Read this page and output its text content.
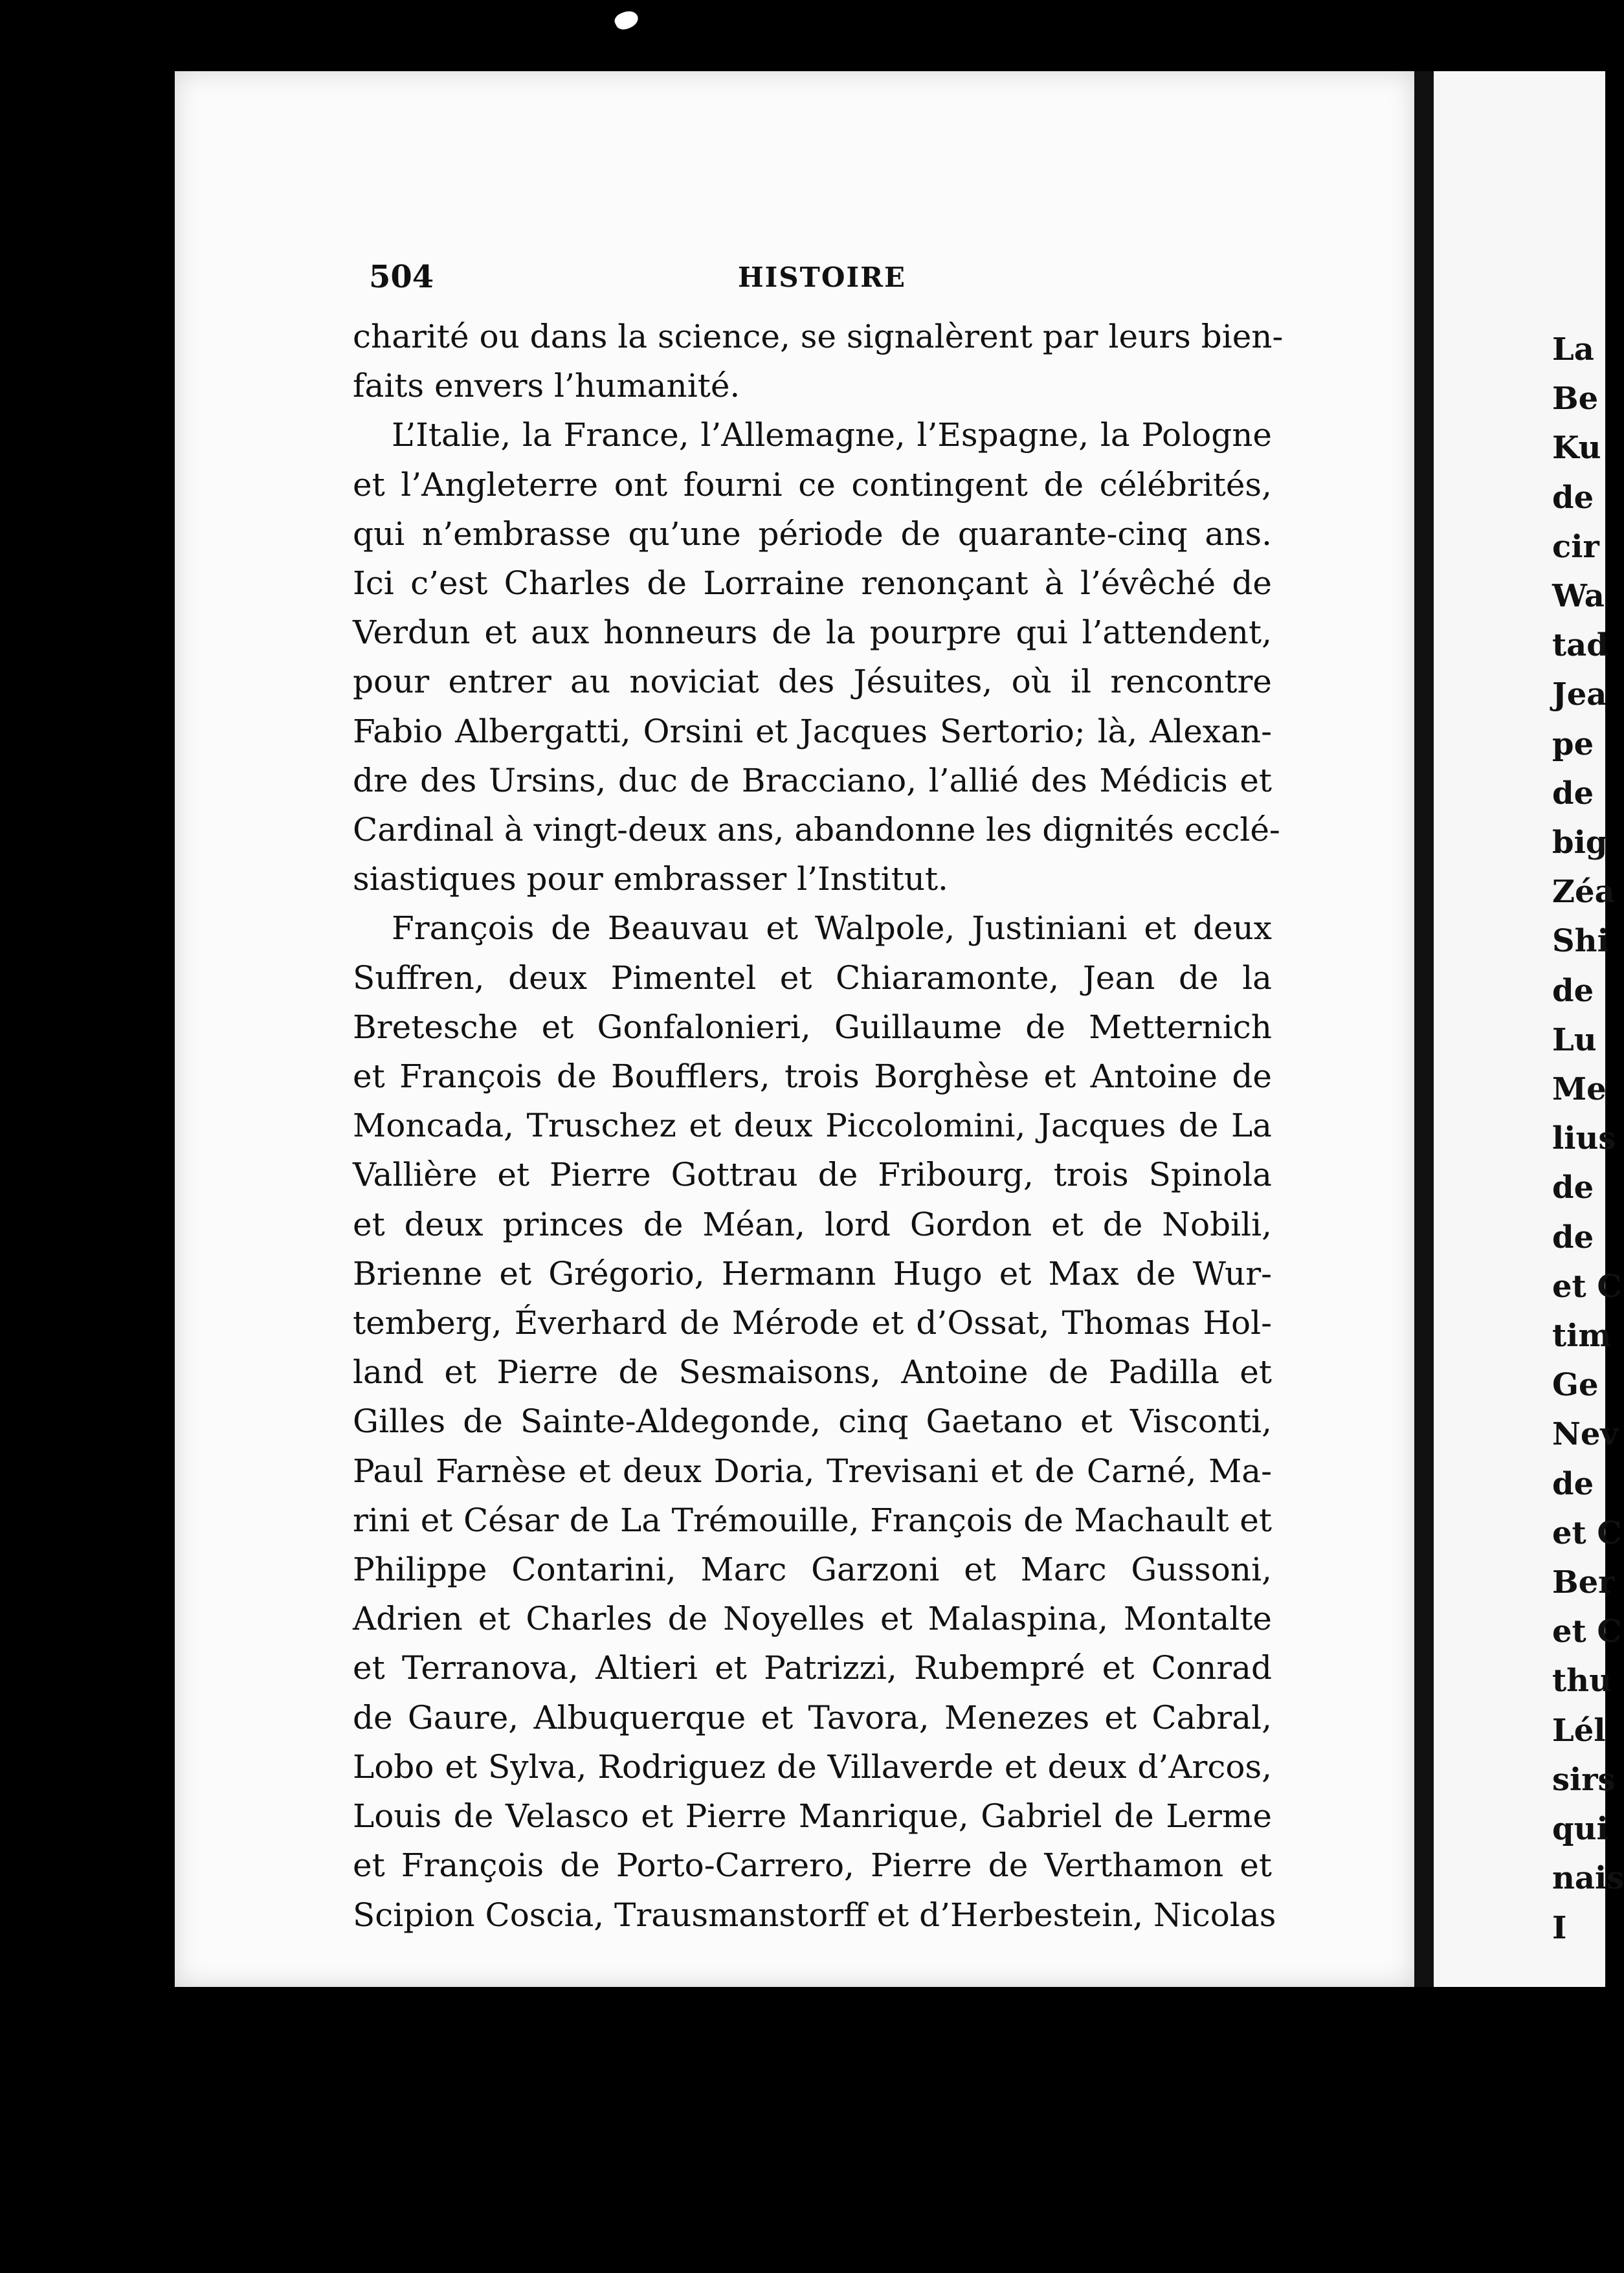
504	HISTOIRE
charité ou dans la science, se signalèrent par leurs bien-
faits envers l’humanité.
L’Italie, la France, l’Allemagne, l’Espagne, la Pologne
et l’Angleterre ont fourni ce contingent de célébrités,
qui n’embrasse qu’une période de quarante-cinq ans.
Ici c’est Charles de Lorraine renonçant à l’évêché de
Verdun et aux honneurs de la pourpre qui l’attendent,
pour entrer au noviciat des Jésuites, où il rencontre
Fabio Albergatti, Orsini et Jacques Sertorio; là, Alexan-
dre des Ursins, duc de Bracciano, l’allié des Médicis et
Cardinal à vingt-deux ans, abandonne les dignités ecclé-
siastiques pour embrasser l’Institut.
François de Beauvau et Walpole, Justiniani et deux
Suffren, deux Pimentel et Chiaramonte, Jean de la
Bretesche et Gonfalonieri, Guillaume de Metternich
et François de Boufflers, trois Borghèse et Antoine de
Moncada, Truschez et deux Piccolomini, Jacques de La
Vallière et Pierre Gottrau de Fribourg, trois Spinola
et deux princes de Méan, lord Gordon et de Nobili,
Brienne et Grégorio, Hermann Hugo et Max de Wur-
temberg, Éverhard de Mérode et d’Ossat, Thomas Hol-
land et Pierre de Sesmaisons, Antoine de Padilla et
Gilles de Sainte-Aldegonde, cinq Gaetano et Visconti,
Paul Farnèse et deux Doria, Trevisani et de Carné, Ma-
rini et César de La Trémouille, François de Machault et
Philippe Contarini, Marc Garzoni et Marc Gussoni,
Adrien et Charles de Noyelles et Malaspina, Montalte
et Terranova, Altieri et Patrizzi, Rubempré et Conrad
de Gaure, Albuquerque et Tavora, Menezes et Cabral,
Lobo et Sylva, Rodriguez de Villaverde et deux d’Arcos,
Louis de Velasco et Pierre Manrique, Gabriel de Lerme
et François de Porto-Carrero, Pierre de Verthamon et
Scipion Coscia, Trausmanstorff et d’Herbestein, Nicolas
La
Be
Ku
de
cir
Wa
tad
Jea
pe
de
big
Zéa
Shi
de
Lu
Me
lius
de
de
et C
tim
Ge
Nev
de
et C
Ber
et C
thu
Lél
sirs
qui
nais
I
